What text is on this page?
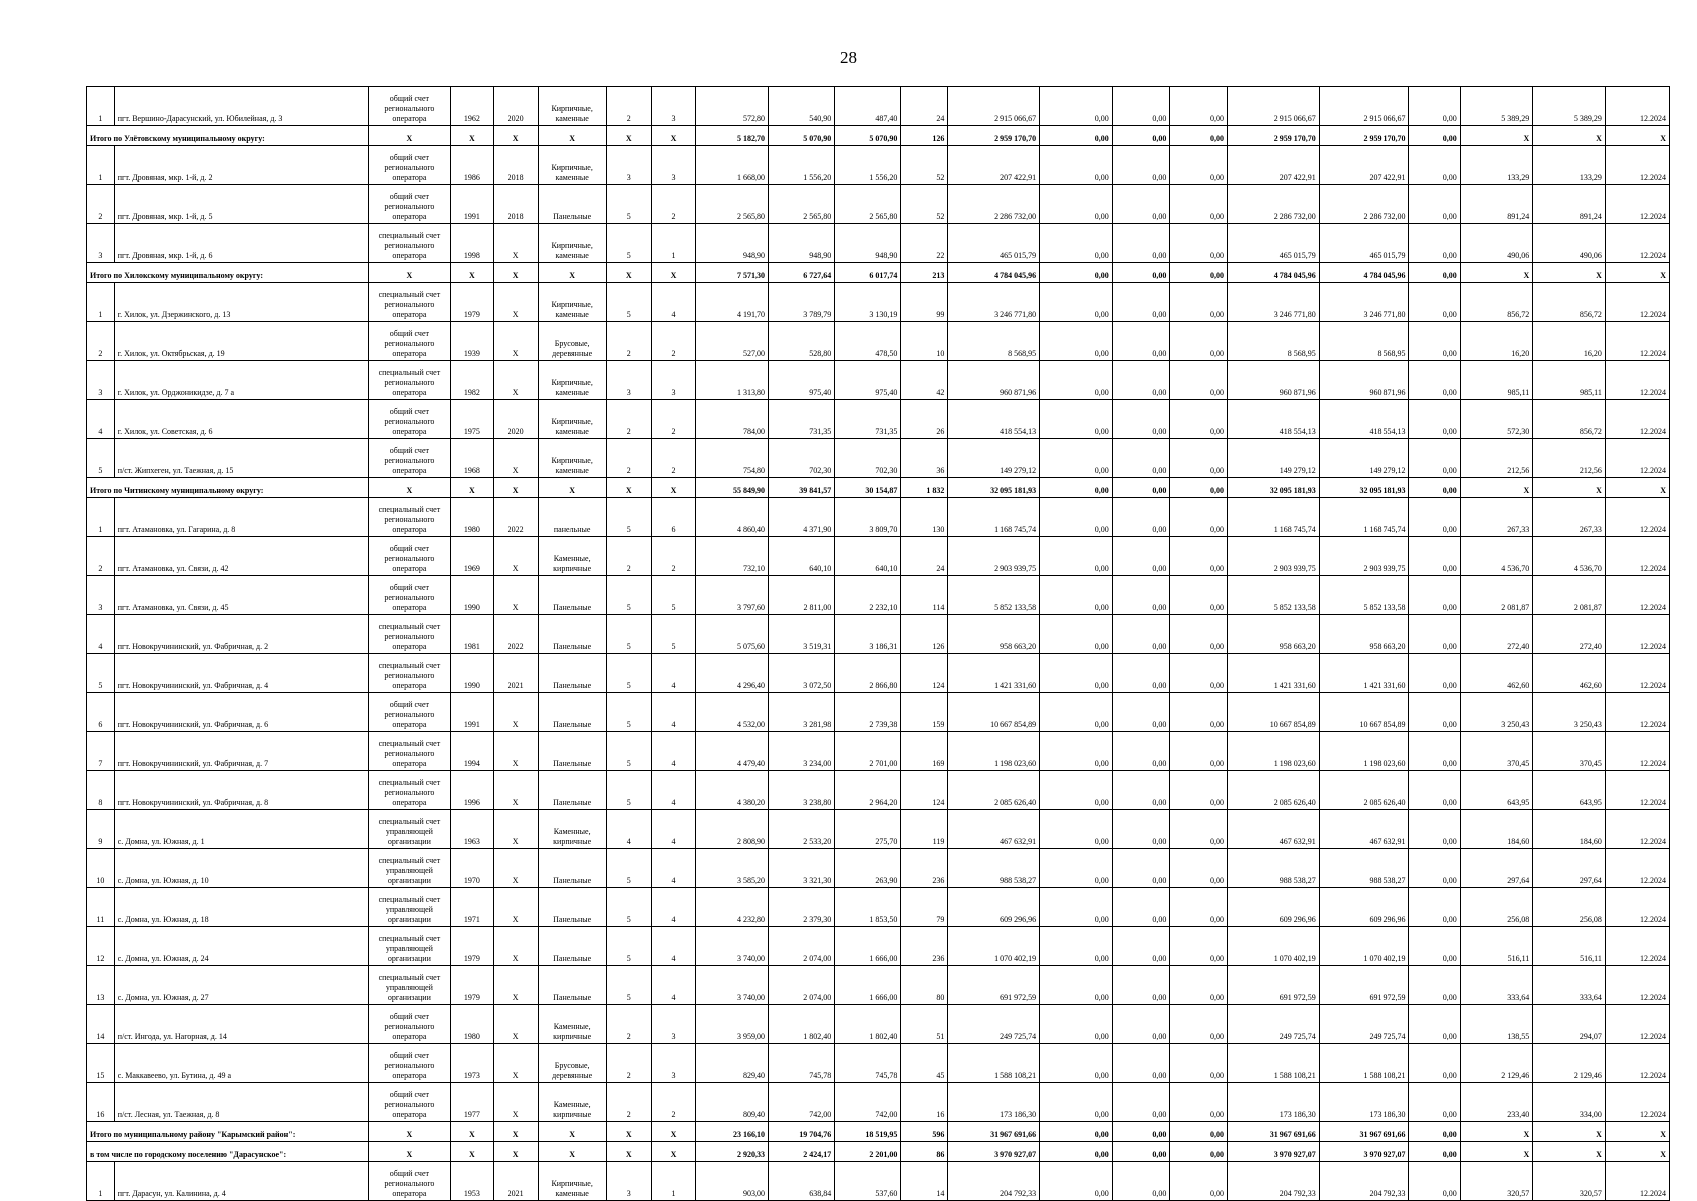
28
1	пгт. Вершино-Дарасунский, ул. Юбилейная, д. 3	общий счет регионального оператора	1962	2020	Кирпичные, каменные	2	3	572,80	540,90	487,40	24	2 915 066,67	0,00	0,00	0,00	2 915 066,67	2 915 066,67	0,00	5 389,29	5 389,29	12.2024
Итого по Улётовскому муниципальному округу:		X	X	X	X	X	X	5 182,70	5 070,90	5 070,90	126	2 959 170,70	0,00	0,00	0,00	2 959 170,70	2 959 170,70	0,00	X	X	X
1	пгт. Дровяная, мкр. 1-й, д. 2	общий счет регионального оператора	1986	2018	Кирпичные, каменные	3	3	1 668,00	1 556,20	1 556,20	52	207 422,91	0,00	0,00	0,00	207 422,91	207 422,91	0,00	133,29	133,29	12.2024
2	пгт. Дровяная, мкр. 1-й, д. 5	общий счет регионального оператора	1991	2018	Панельные	5	2	2 565,80	2 565,80	2 565,80	52	2 286 732,00	0,00	0,00	0,00	2 286 732,00	2 286 732,00	0,00	891,24	891,24	12.2024
3	пгт. Дровяная, мкр. 1-й, д. 6	специальный счет регионального оператора	1998	X	Кирпичные, каменные	5	1	948,90	948,90	948,90	22	465 015,79	0,00	0,00	0,00	465 015,79	465 015,79	0,00	490,06	490,06	12.2024
Итого по Хилокскому муниципальному округу:		X	X	X	X	X	X	7 571,30	6 727,64	6 017,74	213	4 784 045,96	0,00	0,00	0,00	4 784 045,96	4 784 045,96	0,00	X	X	X
1	г. Хилок, ул. Дзержинского, д. 13	специальный счет регионального оператора	1979	X	Кирпичные, каменные	5	4	4 191,70	3 789,79	3 130,19	99	3 246 771,80	0,00	0,00	0,00	3 246 771,80	3 246 771,80	0,00	856,72	856,72	12.2024
2	г. Хилок, ул. Октябрьская, д. 19	общий счет регионального оператора	1939	X	Брусовые, деревянные	2	2	527,00	528,80	478,50	10	8 568,95	0,00	0,00	0,00	8 568,95	8 568,95	0,00	16,20	16,20	12.2024
3	г. Хилок, ул. Орджоникидзе, д. 7 а	специальный счет регионального оператора	1982	X	Кирпичные, каменные	3	3	1 313,80	975,40	975,40	42	960 871,96	0,00	0,00	0,00	960 871,96	960 871,96	0,00	985,11	985,11	12.2024
4	г. Хилок, ул. Советская, д. 6	общий счет регионального оператора	1975	2020	Кирпичные, каменные	2	2	784,00	731,35	731,35	26	418 554,13	0,00	0,00	0,00	418 554,13	418 554,13	0,00	572,30	856,72	12.2024
5	п/ст. Жипхеген, ул. Таежная, д. 15	общий счет регионального оператора	1968	X	Кирпичные, каменные	2	2	754,80	702,30	702,30	36	149 279,12	0,00	0,00	0,00	149 279,12	149 279,12	0,00	212,56	212,56	12.2024
Итого по Читинскому муниципальному округу:		X	X	X	X	X	X	55 849,90	39 841,57	30 154,87	1 832	32 095 181,93	0,00	0,00	0,00	32 095 181,93	32 095 181,93	0,00	X	X	X
1	пгт. Атамановка, ул. Гагарина, д. 8	специальный счет регионального оператора	1980	2022	панельные	5	6	4 860,40	4 371,90	3 809,70	130	1 168 745,74	0,00	0,00	0,00	1 168 745,74	1 168 745,74	0,00	267,33	267,33	12.2024
2	пгт. Атамановка, ул. Связи, д. 42	общий счет регионального оператора	1969	X	Каменные, кирпичные	2	2	732,10	640,10	640,10	24	2 903 939,75	0,00	0,00	0,00	2 903 939,75	2 903 939,75	0,00	4 536,70	4 536,70	12.2024
3	пгт. Атамановка, ул. Связи, д. 45	общий счет регионального оператора	1990	X	Панельные	5	5	3 797,60	2 811,00	2 232,10	114	5 852 133,58	0,00	0,00	0,00	5 852 133,58	5 852 133,58	0,00	2 081,87	2 081,87	12.2024
4	пгт. Новокручининский, ул. Фабричная, д. 2	специальный счет регионального оператора	1981	2022	Панельные	5	5	5 075,60	3 519,31	3 186,31	126	958 663,20	0,00	0,00	0,00	958 663,20	958 663,20	0,00	272,40	272,40	12.2024
5	пгт. Новокручининский, ул. Фабричная, д. 4	специальный счет регионального оператора	1990	2021	Панельные	5	4	4 296,40	3 072,50	2 866,80	124	1 421 331,60	0,00	0,00	0,00	1 421 331,60	1 421 331,60	0,00	462,60	462,60	12.2024
6	пгт. Новокручининский, ул. Фабричная, д. 6	общий счет регионального оператора	1991	X	Панельные	5	4	4 532,00	3 281,98	2 739,38	159	10 667 854,89	0,00	0,00	0,00	10 667 854,89	10 667 854,89	0,00	3 250,43	3 250,43	12.2024
7	пгт. Новокручининский, ул. Фабричная, д. 7	специальный счет регионального оператора	1994	X	Панельные	5	4	4 479,40	3 234,00	2 701,00	169	1 198 023,60	0,00	0,00	0,00	1 198 023,60	1 198 023,60	0,00	370,45	370,45	12.2024
8	пгт. Новокручининский, ул. Фабричная, д. 8	специальный счет регионального оператора	1996	X	Панельные	5	4	4 380,20	3 238,80	2 964,20	124	2 085 626,40	0,00	0,00	0,00	2 085 626,40	2 085 626,40	0,00	643,95	643,95	12.2024
9	с. Домна, ул. Южная, д. 1	специальный счет управляющей организации	1963	X	Каменные, кирпичные	4	4	2 808,90	2 533,20	275,70	119	467 632,91	0,00	0,00	0,00	467 632,91	467 632,91	0,00	184,60	184,60	12.2024
10	с. Домна, ул. Южная, д. 10	специальный счет управляющей организации	1970	X	Панельные	5	4	3 585,20	3 321,30	263,90	236	988 538,27	0,00	0,00	0,00	988 538,27	988 538,27	0,00	297,64	297,64	12.2024
11	с. Домна, ул. Южная, д. 18	специальный счет управляющей организации	1971	X	Панельные	5	4	4 232,80	2 379,30	1 853,50	79	609 296,96	0,00	0,00	0,00	609 296,96	609 296,96	0,00	256,08	256,08	12.2024
12	с. Домна, ул. Южная, д. 24	специальный счет управляющей организации	1979	X	Панельные	5	4	3 740,00	2 074,00	1 666,00	236	1 070 402,19	0,00	0,00	0,00	1 070 402,19	1 070 402,19	0,00	516,11	516,11	12.2024
13	с. Домна, ул. Южная, д. 27	специальный счет управляющей организации	1979	X	Панельные	5	4	3 740,00	2 074,00	1 666,00	80	691 972,59	0,00	0,00	0,00	691 972,59	691 972,59	0,00	333,64	333,64	12.2024
14	п/ст. Ингода, ул. Нагорная, д. 14	общий счет регионального оператора	1980	X	Каменные, кирпичные	2	3	3 959,00	1 802,40	1 802,40	51	249 725,74	0,00	0,00	0,00	249 725,74	249 725,74	0,00	138,55	294,07	12.2024
15	с. Маккавеево, ул. Бутина, д. 49 а	общий счет регионального оператора	1973	X	Брусовые, деревянные	2	3	829,40	745,78	745,78	45	1 588 108,21	0,00	0,00	0,00	1 588 108,21	1 588 108,21	0,00	2 129,46	2 129,46	12.2024
16	п/ст. Лесная, ул. Таежная, д. 8	общий счет регионального оператора	1977	X	Каменные, кирпичные	2	2	809,40	742,00	742,00	16	173 186,30	0,00	0,00	0,00	173 186,30	173 186,30	0,00	233,40	334,00	12.2024
Итого по муниципальному району "Карымский район":		X	X	X	X	X	X	23 166,10	19 704,76	18 519,95	596	31 967 691,66	0,00	0,00	0,00	31 967 691,66	31 967 691,66	0,00	X	X	X
в том числе по городскому поселению "Дарасунское":		X	X	X	X	X	X	2 920,33	2 424,17	2 201,00	86	3 970 927,07	0,00	0,00	0,00	3 970 927,07	3 970 927,07	0,00	X	X	X
1	пгт. Дарасун, ул. Калинина, д. 4	общий счет регионального оператора	1953	2021	Кирпичные, каменные	3	1	903,00	638,84	537,60	14	204 792,33	0,00	0,00	0,00	204 792,33	204 792,33	0,00	320,57	320,57	12.2024
